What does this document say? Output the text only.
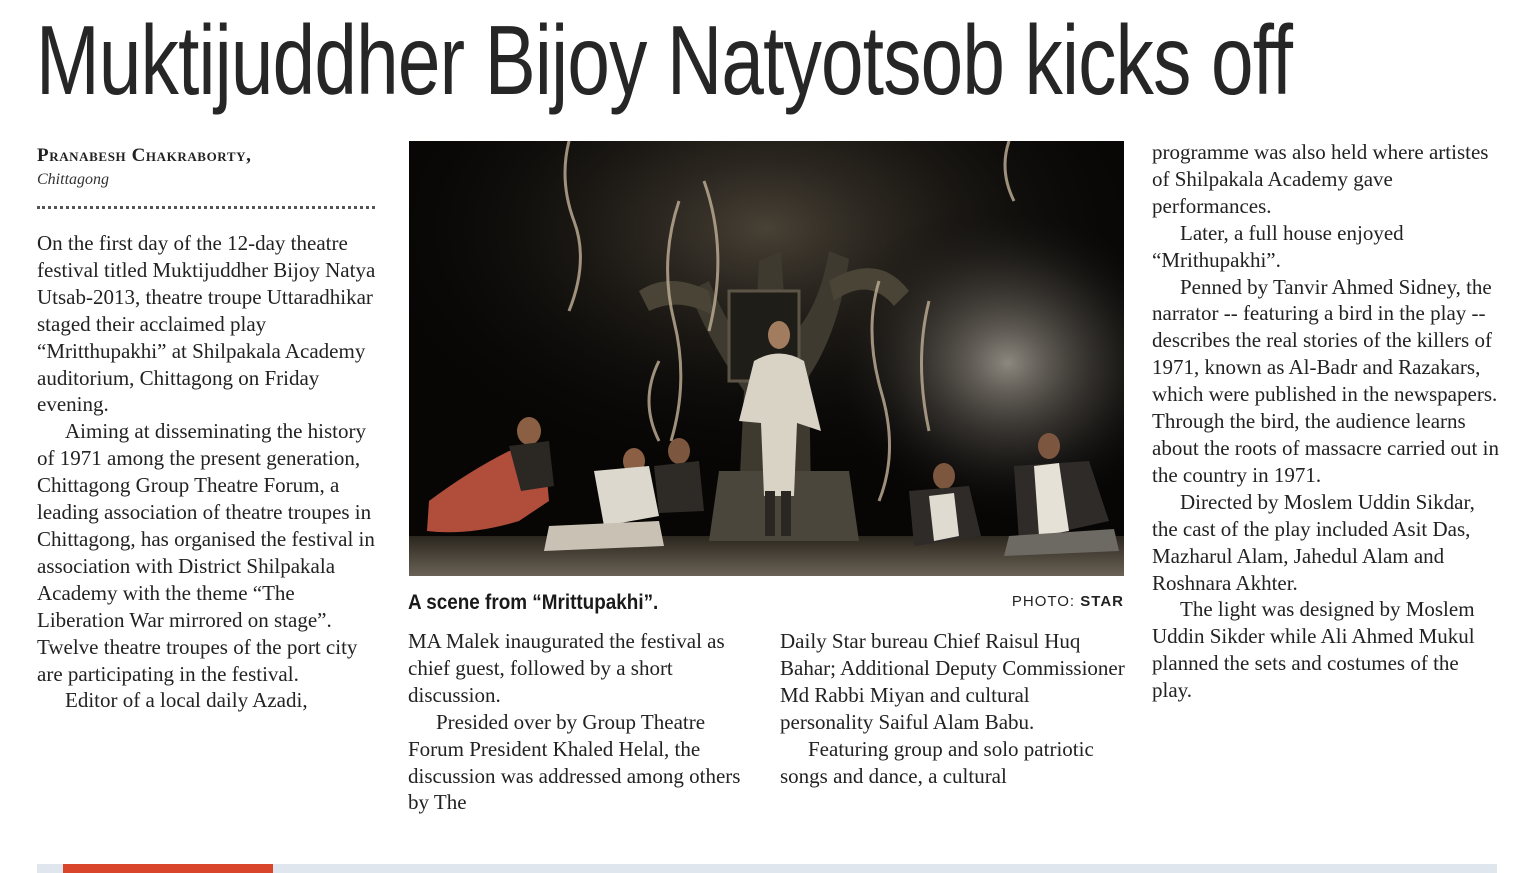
Muktijuddher Bijoy Natyotsob kicks off
Pranabesh Chakraborty,
Chittagong

On the first day of the 12-day theatre festival titled Muktijuddher Bijoy Natya Utsab-2013, theatre troupe Uttaradhikar staged their acclaimed play “Mritthupakhi” at Shilpakala Academy auditorium, Chittagong on Friday evening.

Aiming at disseminating the history of 1971 among the present generation, Chittagong Group Theatre Forum, a leading association of theatre troupes in Chittagong, has organised the festival in association with District Shilpakala Academy with the theme “The Liberation War mirrored on stage”. Twelve theatre troupes of the port city are participating in the festival.

Editor of a local daily Azadi,

A scene from “Mrittupakhi”.	PHOTO: STAR

MA Malek inaugurated the festival as chief guest, followed by a short discussion.

Presided over by Group Theatre Forum President Khaled Helal, the discussion was addressed among others by The

Daily Star bureau Chief Raisul Huq Bahar; Additional Deputy Commissioner Md Rabbi Miyan and cultural personality Saiful Alam Babu.

Featuring group and solo patriotic songs and dance, a cultural

programme was also held where artistes of Shilpakala Academy gave performances.

Later, a full house enjoyed “Mrithupakhi”.

Penned by Tanvir Ahmed Sidney, the narrator -- featuring a bird in the play -- describes the real stories of the killers of 1971, known as Al-Badr and Razakars, which were published in the newspapers. Through the bird, the audience learns about the roots of massacre carried out in the country in 1971.

Directed by Moslem Uddin Sikdar, the cast of the play included Asit Das, Mazharul Alam, Jahedul Alam and Roshnara Akhter.

The light was designed by Moslem Uddin Sikder while Ali Ahmed Mukul planned the sets and costumes of the play.
